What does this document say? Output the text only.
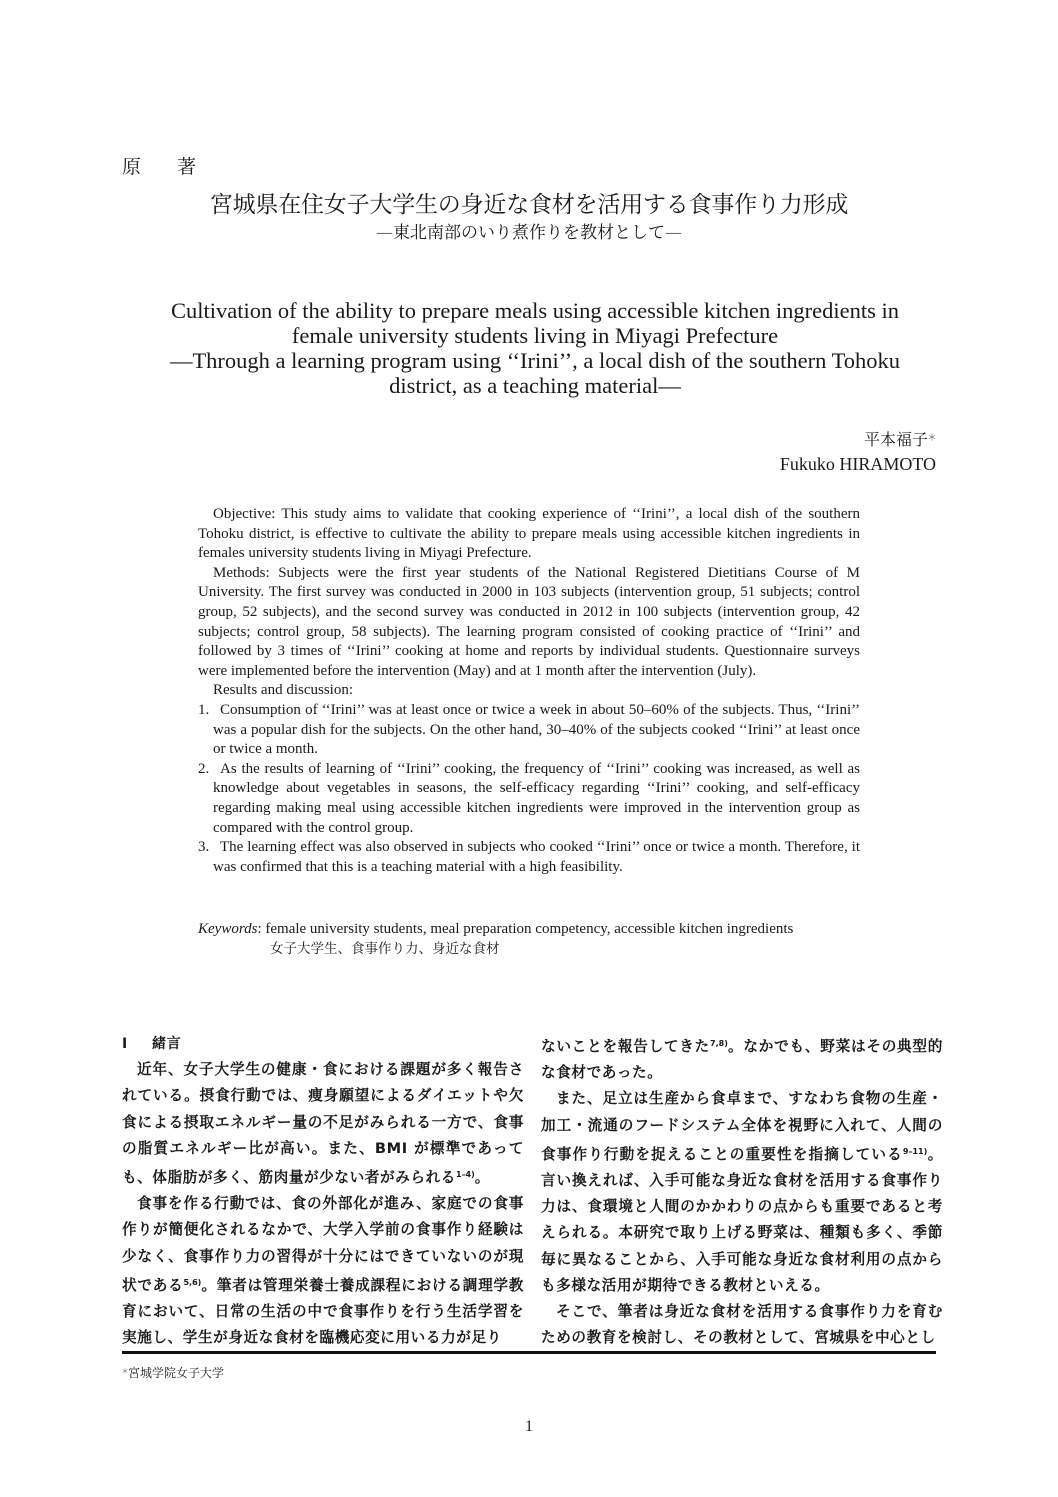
原 著
宮城県在住女子大学生の身近な食材を活用する食事作り力形成
—東北南部のいり煮作りを教材として—
Cultivation of the ability to prepare meals using accessible kitchen ingredients in
female university students living in Miyagi Prefecture
—Through a learning program using ‘‘Irini’’, a local dish of the southern Tohoku
district, as a teaching material—
平本福子*
Fukuko HIRAMOTO

Objective: This study aims to validate that cooking experience of ‘‘Irini’’, a local dish of the southern Tohoku district, is effective to cultivate the ability to prepare meals using accessible kitchen ingredients in females university students living in Miyagi Prefecture.

Methods: Subjects were the first year students of the National Registered Dietitians Course of M University. The first survey was conducted in 2000 in 103 subjects (intervention group, 51 subjects; control group, 52 subjects), and the second survey was conducted in 2012 in 100 subjects (intervention group, 42 subjects; control group, 58 subjects). The learning program consisted of cooking practice of ‘‘Irini’’ and followed by 3 times of ‘‘Irini’’ cooking at home and reports by individual students. Questionnaire surveys were implemented before the intervention (May) and at 1 month after the intervention (July).

Results and discussion:

1. Consumption of ‘‘Irini’’ was at least once or twice a week in about 50–60% of the subjects. Thus, ‘‘Irini’’ was a popular dish for the subjects. On the other hand, 30–40% of the subjects cooked ‘‘Irini’’ at least once or twice a month.
2. As the results of learning of ‘‘Irini’’ cooking, the frequency of ‘‘Irini’’ cooking was increased, as well as knowledge about vegetables in seasons, the self-efficacy regarding ‘‘Irini’’ cooking, and self-efficacy regarding making meal using accessible kitchen ingredients were improved in the intervention group as compared with the control group.
3. The learning effect was also observed in subjects who cooked ‘‘Irini’’ once or twice a month. Therefore, it was confirmed that this is a teaching material with a high feasibility.
Keywords: female university students, meal preparation competency, accessible kitchen ingredients
女子大学生、食事作り力、身近な食材
Ⅰ 緒言

近年、女子大学生の健康・食における課題が多く報告されている。摂食行動では、痩身願望によるダイエットや欠食による摂取エネルギー量の不足がみられる一方で、食事の脂質エネルギー比が高い。また、BMI が標準であっても、体脂肪が多く、筋肉量が少ない者がみられる$^{1-4)}$。

食事を作る行動では、食の外部化が進み、家庭での食事作りが簡便化されるなかで、大学入学前の食事作り経験は少なく、食事作り力の習得が十分にはできていないのが現状である$^{5,6)}$。筆者は管理栄養士養成課程における調理学教育において、日常の生活の中で食事作りを行う生活学習を実施し、学生が身近な食材を臨機応変に用いる力が足り

ないことを報告してきた$^{7,8)}$。なかでも、野菜はその典型的な食材であった。

また、足立は生産から食卓まで、すなわち食物の生産・加工・流通のフードシステム全体を視野に入れて、人間の食事作り行動を捉えることの重要性を指摘している$^{9-11)}$。言い換えれば、入手可能な身近な食材を活用する食事作り力は、食環境と人間のかかわりの点からも重要であると考えられる。本研究で取り上げる野菜は、種類も多く、季節毎に異なることから、入手可能な身近な食材利用の点からも多様な活用が期待できる教材といえる。

そこで、筆者は身近な食材を活用する食事作り力を育むための教育を検討し、その教材として、宮城県を中心とし

*宮城学院女子大学
1
